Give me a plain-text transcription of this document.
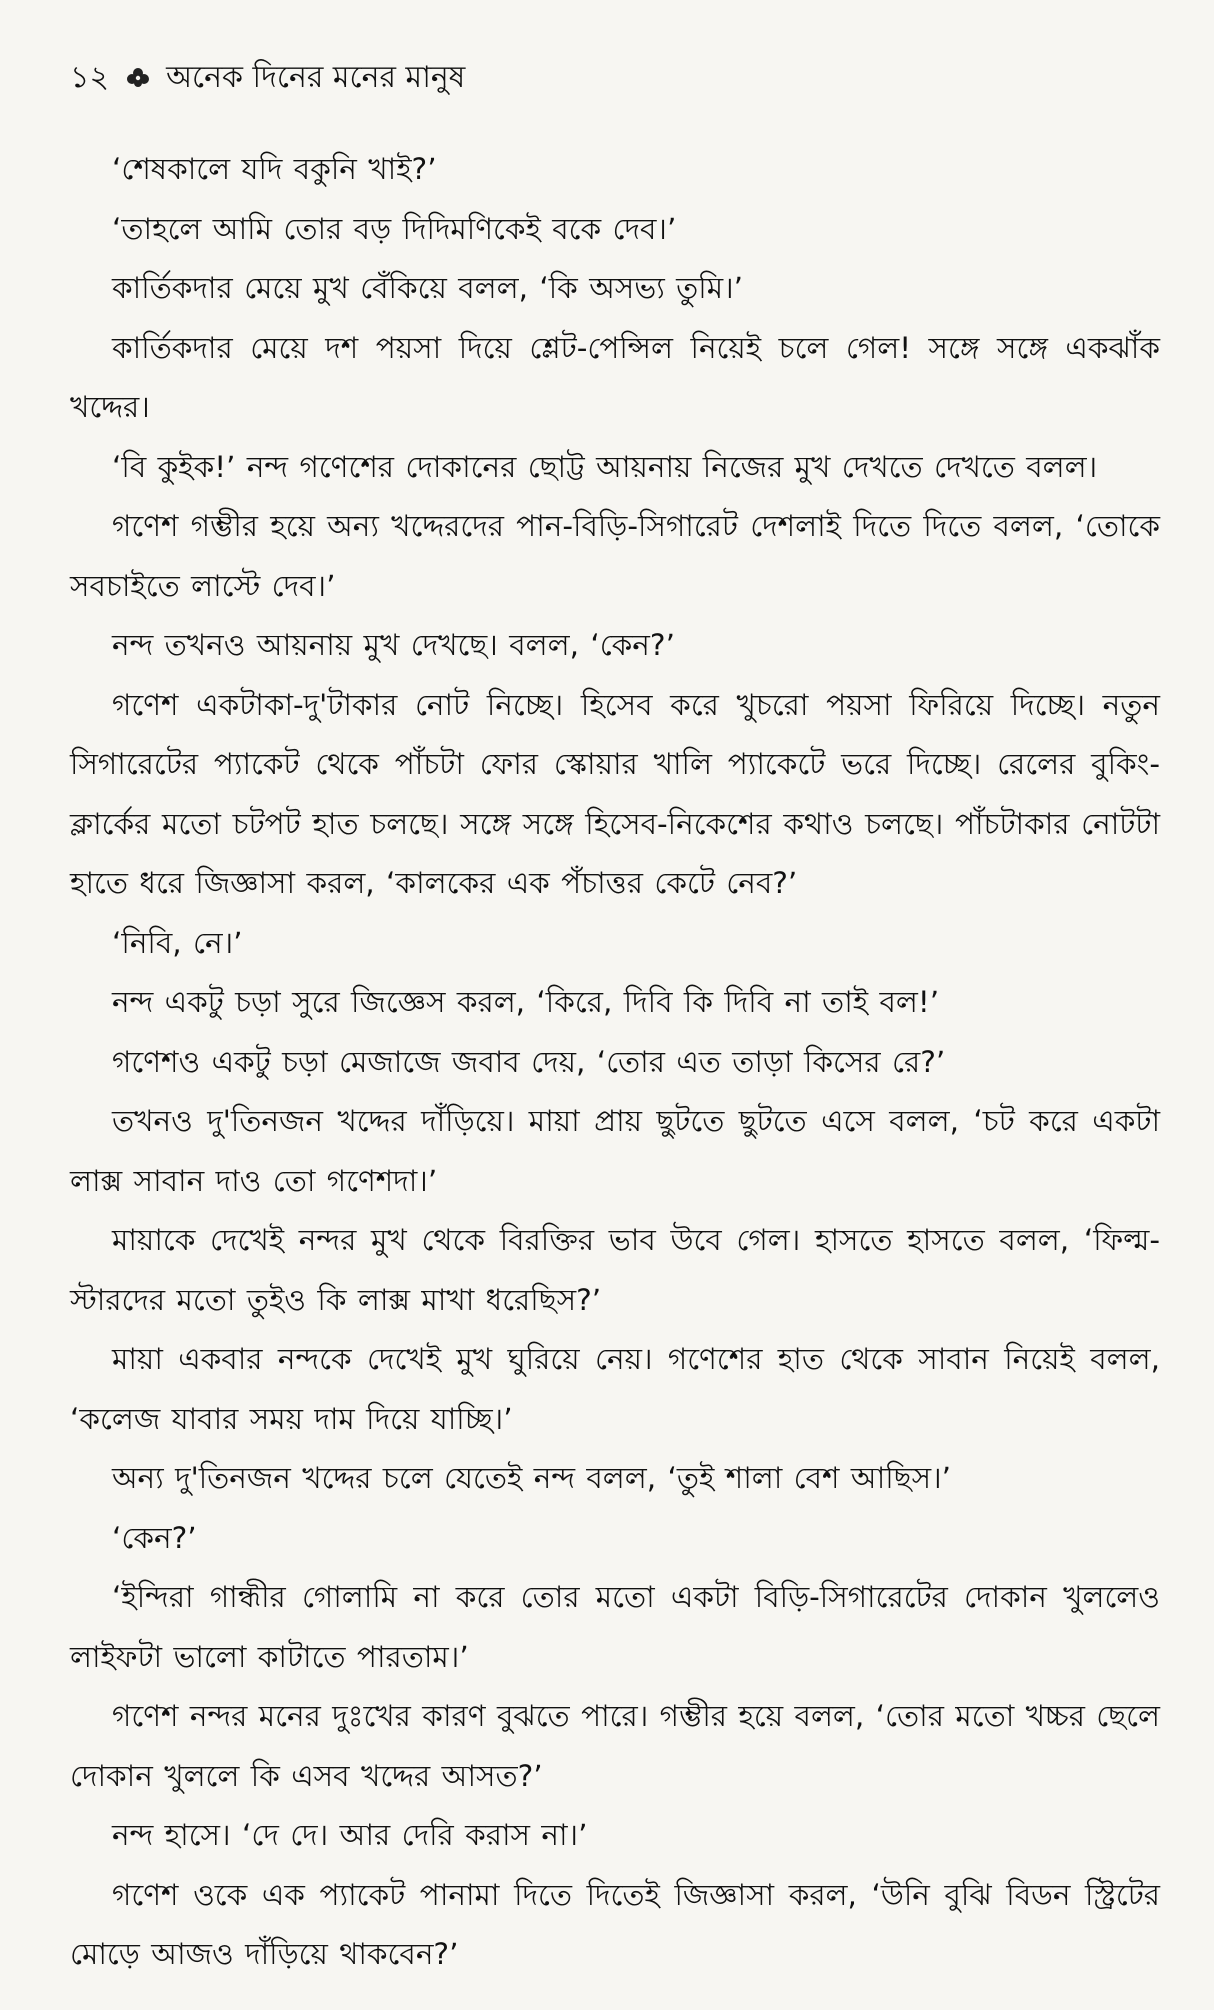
১২ অনেক দিনের মনের মানুষ

‘শেষকালে যদি বকুনি খাই?’

‘তাহলে আমি তোর বড় দিদিমণিকেই বকে দেব।’

কার্তিকদার মেয়ে মুখ বেঁকিয়ে বলল, ‘কি অসভ্য তুমি।’

কার্তিকদার মেয়ে দশ পয়সা দিয়ে শ্লেট-পেন্সিল নিয়েই চলে গেল! সঙ্গে সঙ্গে একঝাঁক খদ্দের।

‘বি কুইক!’ নন্দ গণেশের দোকানের ছোট্ট আয়নায় নিজের মুখ দেখতে দেখতে বলল।

গণেশ গম্ভীর হয়ে অন্য খদ্দেরদের পান-বিড়ি-সিগারেট দেশলাই দিতে দিতে বলল, ‘তোকে সবচাইতে লাস্টে দেব।’

নন্দ তখনও আয়নায় মুখ দেখছে। বলল, ‘কেন?’

গণেশ একটাকা-দু'টাকার নোট নিচ্ছে। হিসেব করে খুচরো পয়সা ফিরিয়ে দিচ্ছে। নতুন সিগারেটের প্যাকেট থেকে পাঁচটা ফোর স্কোয়ার খালি প্যাকেটে ভরে দিচ্ছে। রেলের বুকিং-ক্লার্কের মতো চটপট হাত চলছে। সঙ্গে সঙ্গে হিসেব-নিকেশের কথাও চলছে। পাঁচটাকার নোটটা হাতে ধরে জিজ্ঞাসা করল, ‘কালকের এক পঁচাত্তর কেটে নেব?’

‘নিবি, নে।’

নন্দ একটু চড়া সুরে জিজ্ঞেস করল, ‘কিরে, দিবি কি দিবি না তাই বল!’

গণেশও একটু চড়া মেজাজে জবাব দেয়, ‘তোর এত তাড়া কিসের রে?’

তখনও দু'তিনজন খদ্দের দাঁড়িয়ে। মায়া প্রায় ছুটতে ছুটতে এসে বলল, ‘চট করে একটা লাক্স সাবান দাও তো গণেশদা।’

মায়াকে দেখেই নন্দর মুখ থেকে বিরক্তির ভাব উবে গেল। হাসতে হাসতে বলল, ‘ফিল্ম-স্টারদের মতো তুইও কি লাক্স মাখা ধরেছিস?’

মায়া একবার নন্দকে দেখেই মুখ ঘুরিয়ে নেয়। গণেশের হাত থেকে সাবান নিয়েই বলল, ‘কলেজ যাবার সময় দাম দিয়ে যাচ্ছি।’

অন্য দু'তিনজন খদ্দের চলে যেতেই নন্দ বলল, ‘তুই শালা বেশ আছিস।’

‘কেন?’

‘ইন্দিরা গান্ধীর গোলামি না করে তোর মতো একটা বিড়ি-সিগারেটের দোকান খুললেও লাইফটা ভালো কাটাতে পারতাম।’

গণেশ নন্দর মনের দুঃখের কারণ বুঝতে পারে। গম্ভীর হয়ে বলল, ‘তোর মতো খচ্চর ছেলে দোকান খুললে কি এসব খদ্দের আসত?’

নন্দ হাসে। ‘দে দে। আর দেরি করাস না।’

গণেশ ওকে এক প্যাকেট পানামা দিতে দিতেই জিজ্ঞাসা করল, ‘উনি বুঝি বিডন স্ট্রিটের মোড়ে আজও দাঁড়িয়ে থাকবেন?’
